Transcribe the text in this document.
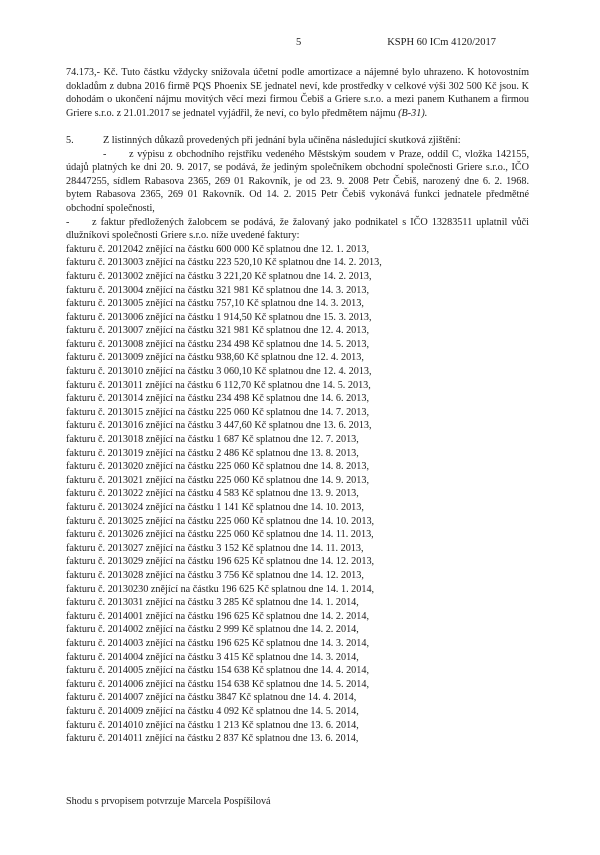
5	KSPH 60 ICm 4120/2017

74.173,- Kč. Tuto částku vždycky snižovala účetní podle amortizace a nájemné bylo uhrazeno. K hotovostním dokladům z dubna 2016 firmě PQS Phoenix SE jednatel neví, kde prostředky v celkové výši 302 500 Kč jsou. K dohodám o ukončení nájmu movitých věcí mezi firmou Čebiš a Griere s.r.o. a mezi panem Kuthanem a firmou Griere s.r.o. z 21.01.2017 se jednatel vyjádřil, že neví, co bylo předmětem nájmu (B-31).

5.	Z listinných důkazů provedených při jednání byla učiněna následující skutková zjištění:

- z výpisu z obchodního rejstříku vedeného Městským soudem v Praze, oddíl C, vložka 142155, údajů platných ke dni 20. 9. 2017, se podává, že jediným společníkem obchodní společnosti Griere s.r.o., IČO 28447255, sídlem Rabasova 2365, 269 01 Rakovník, je od 23. 9. 2008 Petr Čebiš, narozený dne 6. 2. 1968. bytem Rabasova 2365, 269 01 Rakovník. Od 14. 2. 2015 Petr Čebiš vykonává funkci jednatele předmětné obchodní společnosti,

- z faktur předložených žalobcem se podává, že žalovaný jako podnikatel s IČO 13283511 uplatnil vůči dlužníkovi společnosti Griere s.r.o. níže uvedené faktury:

fakturu č. 2012042 znějící na částku 600 000 Kč splatnou dne 12. 1. 2013,
fakturu č. 2013003 znějící na částku 223 520,10 Kč splatnou dne 14. 2. 2013,
fakturu č. 2013002 znějící na částku 3 221,20 Kč splatnou dne 14. 2. 2013,
fakturu č. 2013004 znějící na částku 321 981 Kč splatnou dne 14. 3. 2013,
fakturu č. 2013005 znějící na částku 757,10 Kč splatnou dne 14. 3. 2013,
fakturu č. 2013006 znějící na částku 1 914,50 Kč splatnou dne 15. 3. 2013,
fakturu č. 2013007 znějící na částku 321 981 Kč splatnou dne 12. 4. 2013,
fakturu č. 2013008 znějící na částku 234 498 Kč splatnou dne 14. 5. 2013,
fakturu č. 2013009 znějící na částku 938,60 Kč splatnou dne 12. 4. 2013,
fakturu č. 2013010 znějící na částku 3 060,10 Kč splatnou dne 12. 4. 2013,
fakturu č. 2013011 znějící na částku 6 112,70 Kč splatnou dne 14. 5. 2013,
fakturu č. 2013014 znějící na částku 234 498 Kč splatnou dne 14. 6. 2013,
fakturu č. 2013015 znějící na částku 225 060 Kč splatnou dne 14. 7. 2013,
fakturu č. 2013016 znějící na částku 3 447,60 Kč splatnou dne 13. 6. 2013,
fakturu č. 2013018 znějící na částku 1 687 Kč splatnou dne 12. 7. 2013,
fakturu č. 2013019 znějící na částku 2 486 Kč splatnou dne 13. 8. 2013,
fakturu č. 2013020 znějící na částku 225 060 Kč splatnou dne 14. 8. 2013,
fakturu č. 2013021 znějící na částku 225 060 Kč splatnou dne 14. 9. 2013,
fakturu č. 2013022 znějící na částku 4 583 Kč splatnou dne 13. 9. 2013,
fakturu č. 2013024 znějící na částku 1 141 Kč splatnou dne 14. 10. 2013,
fakturu č. 2013025 znějící na částku 225 060 Kč splatnou dne 14. 10. 2013,
fakturu č. 2013026 znějící na částku 225 060 Kč splatnou dne 14. 11. 2013,
fakturu č. 2013027 znějící na částku 3 152 Kč splatnou dne 14. 11. 2013,
fakturu č. 2013029 znějící na částku 196 625 Kč splatnou dne 14. 12. 2013,
fakturu č. 2013028 znějící na částku 3 756 Kč splatnou dne 14. 12. 2013,
fakturu č. 20130230 znějící na částku 196 625 Kč splatnou dne 14. 1. 2014,
fakturu č. 2013031 znějící na částku 3 285 Kč splatnou dne 14. 1. 2014,
fakturu č. 2014001 znějící na částku 196 625 Kč splatnou dne 14. 2. 2014,
fakturu č. 2014002 znějící na částku 2 999 Kč splatnou dne 14. 2. 2014,
fakturu č. 2014003 znějící na částku 196 625 Kč splatnou dne 14. 3. 2014,
fakturu č. 2014004 znějící na částku 3 415 Kč splatnou dne 14. 3. 2014,
fakturu č. 2014005 znějící na částku 154 638 Kč splatnou dne 14. 4. 2014,
fakturu č. 2014006 znějící na částku 154 638 Kč splatnou dne 14. 5. 2014,
fakturu č. 2014007 znějící na částku 3847 Kč splatnou dne 14. 4. 2014,
fakturu č. 2014009 znějící na částku 4 092 Kč splatnou dne 14. 5. 2014,
fakturu č. 2014010 znějící na částku 1 213 Kč splatnou dne 13. 6. 2014,
fakturu č. 2014011 znějící na částku 2 837 Kč splatnou dne 13. 6. 2014,
Shodu s prvopisem potvrzuje Marcela Pospíšilová
